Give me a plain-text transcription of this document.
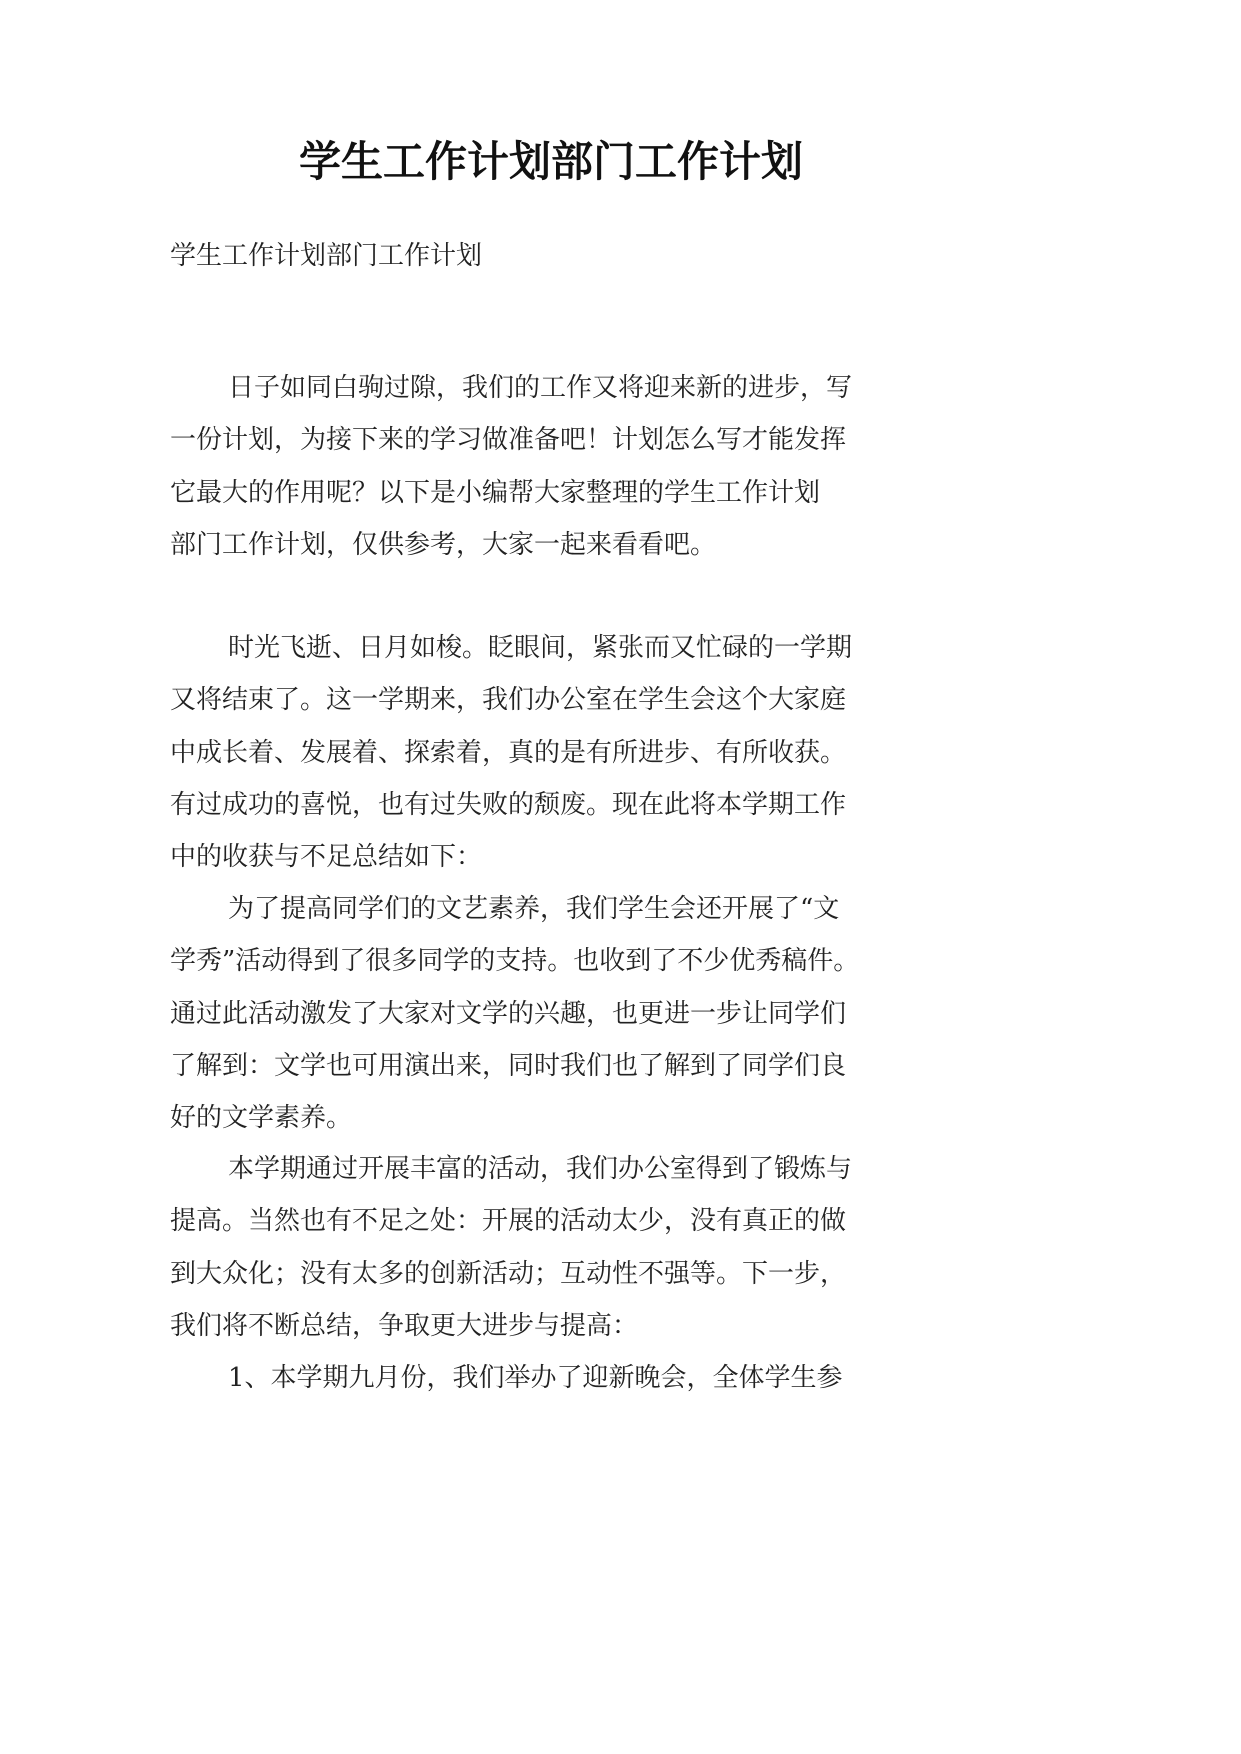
学生工作计划部门工作计划

学生工作计划部门工作计划

日子如同白驹过隙，我们的工作又将迎来新的进步，写
一份计划，为接下来的学习做准备吧！计划怎么写才能发挥
它最大的作用呢？以下是小编帮大家整理的学生工作计划
部门工作计划，仅供参考，大家一起来看看吧。
时光飞逝、日月如梭。眨眼间，紧张而又忙碌的一学期
又将结束了。这一学期来，我们办公室在学生会这个大家庭
中成长着、发展着、探索着，真的是有所进步、有所收获。
有过成功的喜悦，也有过失败的颓废。现在此将本学期工作
中的收获与不足总结如下：
为了提高同学们的文艺素养，我们学生会还开展了“文
学秀”活动得到了很多同学的支持。也收到了不少优秀稿件。
通过此活动激发了大家对文学的兴趣，也更进一步让同学们
了解到：文学也可用演出来，同时我们也了解到了同学们良
好的文学素养。
本学期通过开展丰富的活动，我们办公室得到了锻炼与
提高。当然也有不足之处：开展的活动太少，没有真正的做
到大众化；没有太多的创新活动；互动性不强等。下一步，
我们将不断总结，争取更大进步与提高：
1、本学期九月份，我们举办了迎新晚会，全体学生参
